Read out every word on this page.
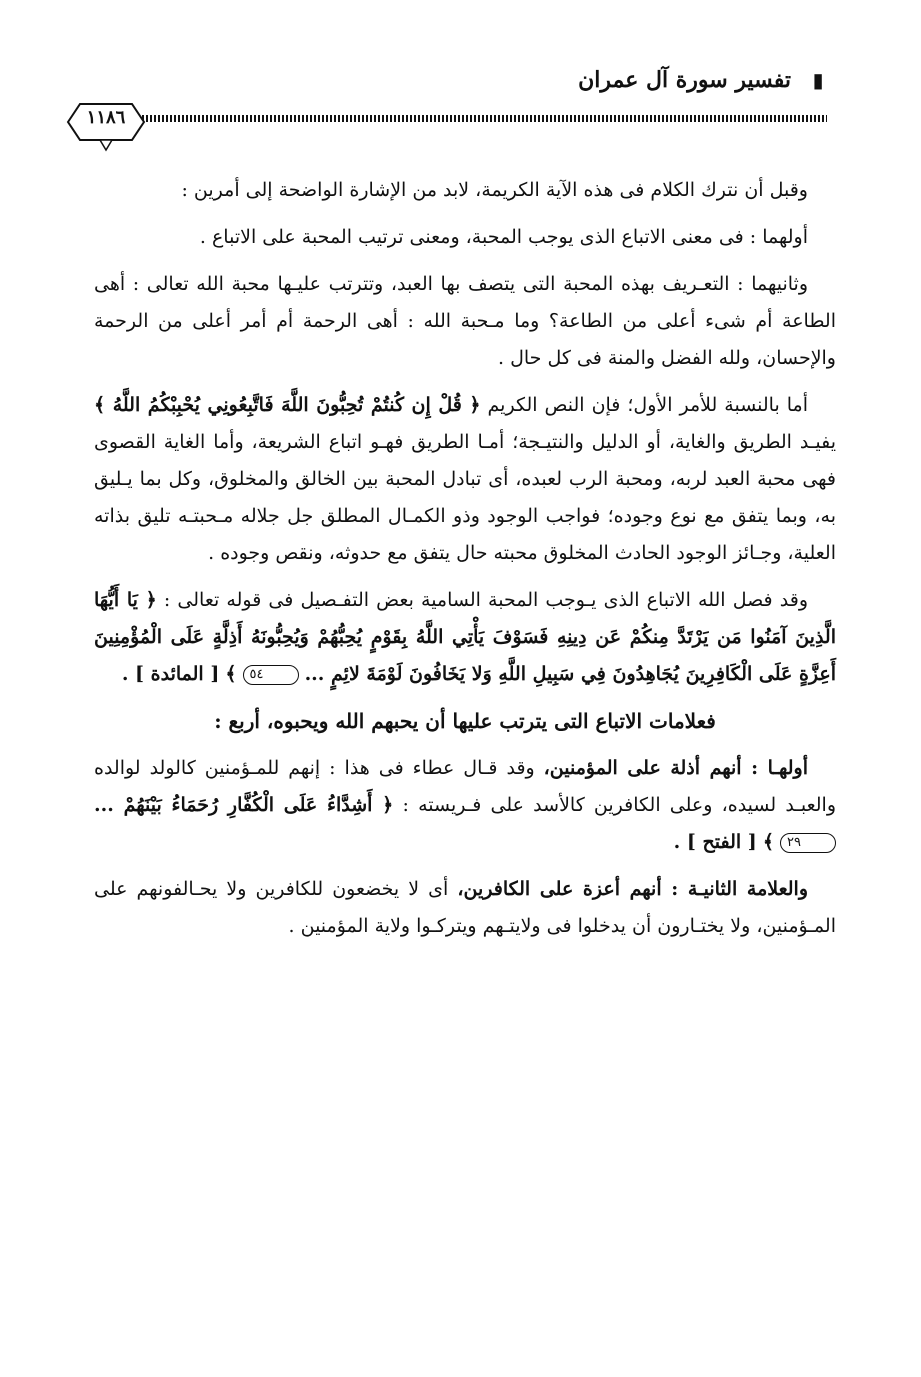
▮
تفسير سورة آل عمران
١١٨٦

وقبل أن نترك الكلام فى هذه الآية الكريمة، لابد من الإشارة الواضحة إلى أمرين :

أولهما : فى معنى الاتباع الذى يوجب المحبة، ومعنى ترتيب المحبة على الاتباع .

وثانيهما : التعـريف بهذه المحبة التى يتصف بها العبد، وتترتب عليـها محبة الله تعالى : أهى الطاعة أم شىء أعلى من الطاعة؟ وما مـحبة الله : أهى الرحمة أم أمر أعلى من الرحمة والإحسان، ولله الفضل والمنة فى كل حال .

أما بالنسبة للأمر الأول؛ فإن النص الكريم ﴿ قُلْ إِن كُنتُمْ تُحِبُّونَ اللَّهَ فَاتَّبِعُونِي يُحْبِبْكُمُ اللَّهُ ﴾ يفيـد الطريق والغاية، أو الدليل والنتيـجة؛ أمـا الطريق فهـو اتباع الشريعة، وأما الغاية القصوى فهى محبة العبد لربه، ومحبة الرب لعبده، أى تبادل المحبة بين الخالق والمخلوق، وكل بما يـليق به، وبما يتفق مع نوع وجوده؛ فواجب الوجود وذو الكمـال المطلق جل جلاله مـحبتـه تليق بذاته العلية، وجـائز الوجود الحادث المخلوق محبته حال يتفق مع حدوثه، ونقص وجوده .

وقد فصل الله الاتباع الذى يـوجب المحبة السامية بعض التفـصيل فى قوله تعالى : ﴿ يَا أَيُّهَا الَّذِينَ آمَنُوا مَن يَرْتَدَّ مِنكُمْ عَن دِينِهِ فَسَوْفَ يَأْتِي اللَّهُ بِقَوْمٍ يُحِبُّهُمْ وَيُحِبُّونَهُ أَذِلَّةٍ عَلَى الْمُؤْمِنِينَ أَعِزَّةٍ عَلَى الْكَافِرِينَ يُجَاهِدُونَ فِي سَبِيلِ اللَّهِ وَلا يَخَافُونَ لَوْمَةَ لائِمٍ ... ٥٤ ﴾ [ المائدة ] .

فعلامات الاتباع التى يترتب عليها أن يحبهم الله ويحبوه، أربع :

أولهـا : أنهم أذلة على المؤمنين، وقد قـال عطاء فى هذا : إنهم للمـؤمنين كالولد لوالده والعبـد لسيده، وعلى الكافرين كالأسد على فـريسته : ﴿ أَشِدَّاءُ عَلَى الْكُفَّارِ رُحَمَاءُ بَيْنَهُمْ ... ٢٩ ﴾ [ الفتح ] .

والعلامة الثانيـة : أنهم أعزة على الكافرين، أى لا يخضعون للكافرين ولا يحـالفونهم على المـؤمنين، ولا يختـارون أن يدخلوا فى ولايتـهم ويتركـوا ولاية المؤمنين .
